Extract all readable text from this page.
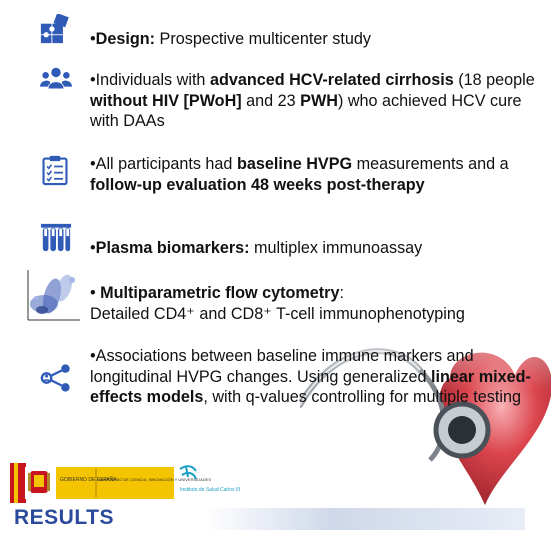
•Design: Prospective multicenter study
•Individuals with advanced HCV-related cirrhosis (18 people without HIV [PWoH] and 23 PWH) who achieved HCV cure with DAAs
•All participants had baseline HVPG measurements and a follow-up evaluation 48 weeks post-therapy
•Plasma biomarkers: multiplex immunoassay
• Multiparametric flow cytometry:
Detailed CD4⁺ and CD8⁺ T-cell immunophenotyping
•Associations between baseline immune markers and longitudinal HVPG changes. Using generalized linear mixed-effects models, with q-values controlling for multiple testing
GOBIERNO DE ESPAÑA
MINISTERIO DE CIENCIA, INNOVACIÓN Y UNIVERSIDADES
Instituto de Salud Carlos III
RESULTS
